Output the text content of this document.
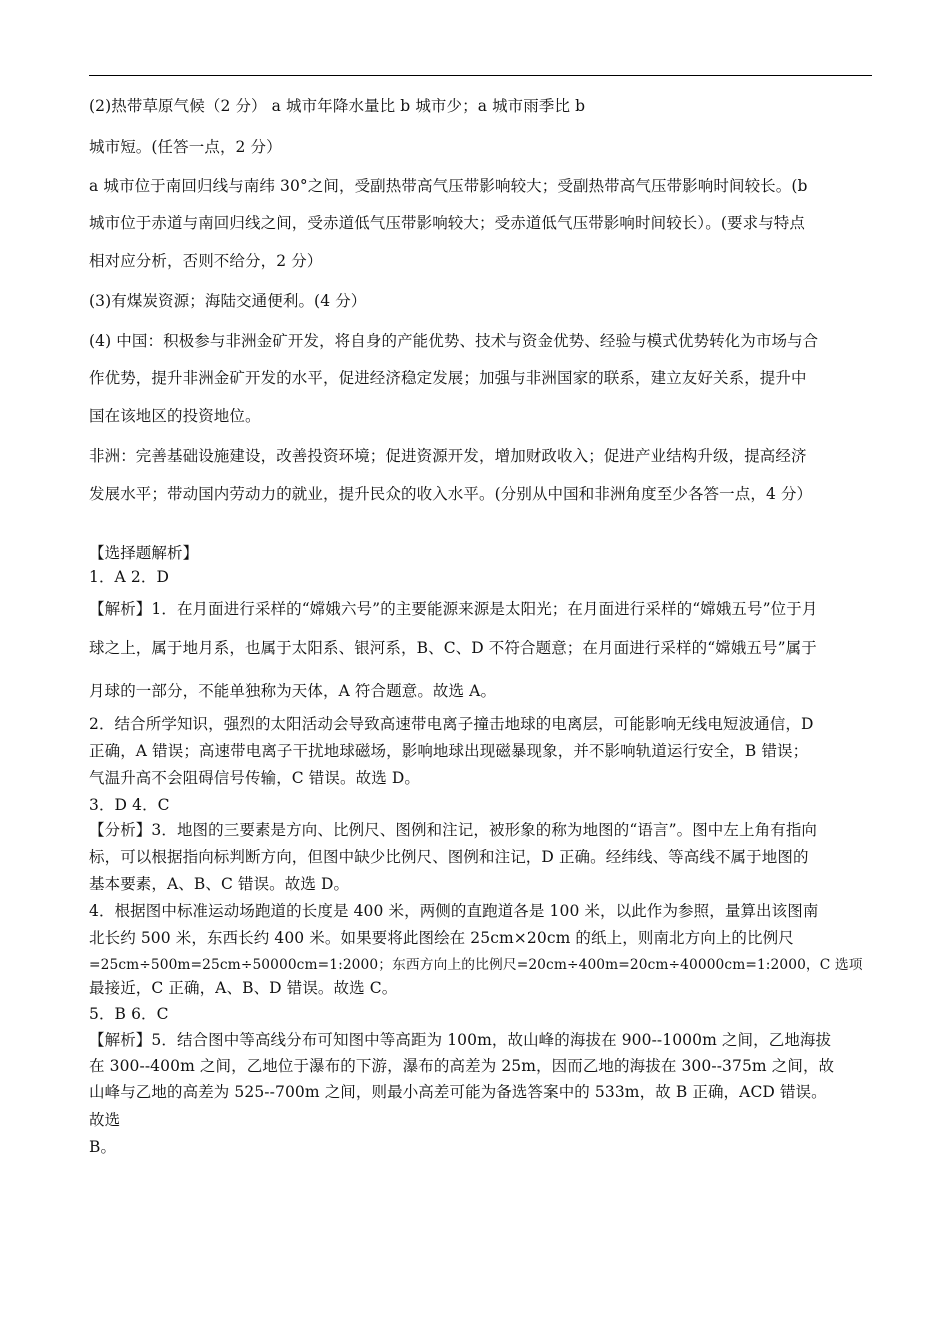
(2)热带草原气候（2 分） a 城市年降水量比 b 城市少；a 城市雨季比 b
城市短。(任答一点，2 分）
a 城市位于南回归线与南纬 30°之间，受副热带高气压带影响较大；受副热带高气压带影响时间较长。(b
城市位于赤道与南回归线之间，受赤道低气压带影响较大；受赤道低气压带影响时间较长）。(要求与特点
相对应分析，否则不给分，2 分）
(3)有煤炭资源；海陆交通便利。(4 分）
(4) 中国：积极参与非洲金矿开发，将自身的产能优势、技术与资金优势、经验与模式优势转化为市场与合
作优势，提升非洲金矿开发的水平，促进经济稳定发展；加强与非洲国家的联系，建立友好关系，提升中
国在该地区的投资地位。
非洲：完善基础设施建设，改善投资环境；促进资源开发，增加财政收入；促进产业结构升级，提高经济
发展水平；带动国内劳动力的就业，提升民众的收入水平。(分别从中国和非洲角度至少各答一点，4 分）
【选择题解析】
1．A 2．D
【解析】1．在月面进行采样的“嫦娥六号”的主要能源来源是太阳光；在月面进行采样的“嫦娥五号”位于月
球之上，属于地月系，也属于太阳系、银河系，B、C、D 不符合题意；在月面进行采样的“嫦娥五号”属于
月球的一部分，不能单独称为天体，A 符合题意。故选 A。
2．结合所学知识，强烈的太阳活动会导致高速带电离子撞击地球的电离层，可能影响无线电短波通信，D
正确，A 错误；高速带电离子干扰地球磁场，影响地球出现磁暴现象，并不影响轨道运行安全，B 错误；
气温升高不会阻碍信号传输，C 错误。故选 D。
3．D 4．C
【分析】3．地图的三要素是方向、比例尺、图例和注记，被形象的称为地图的“语言”。图中左上角有指向
标，可以根据指向标判断方向，但图中缺少比例尺、图例和注记，D 正确。经纬线、等高线不属于地图的
基本要素，A、B、C 错误。故选 D。
4．根据图中标准运动场跑道的长度是 400 米，两侧的直跑道各是 100 米，以此作为参照，量算出该图南
北长约 500 米，东西长约 400 米。如果要将此图绘在 25cm×20cm 的纸上，则南北方向上的比例尺
=25cm÷500m=25cm÷50000cm=1:2000；东西方向上的比例尺=20cm÷400m=20cm÷40000cm=1:2000，C 选项
最接近，C 正确，A、B、D 错误。故选 C。
5．B 6．C
【解析】5．结合图中等高线分布可知图中等高距为 100m，故山峰的海拔在 900--1000m 之间，乙地海拔
在 300--400m 之间，乙地位于瀑布的下游，瀑布的高差为 25m，因而乙地的海拔在 300--375m 之间，故
山峰与乙地的高差为 525--700m 之间，则最小高差可能为备选答案中的 533m，故 B 正确，ACD 错误。
故选
B。
